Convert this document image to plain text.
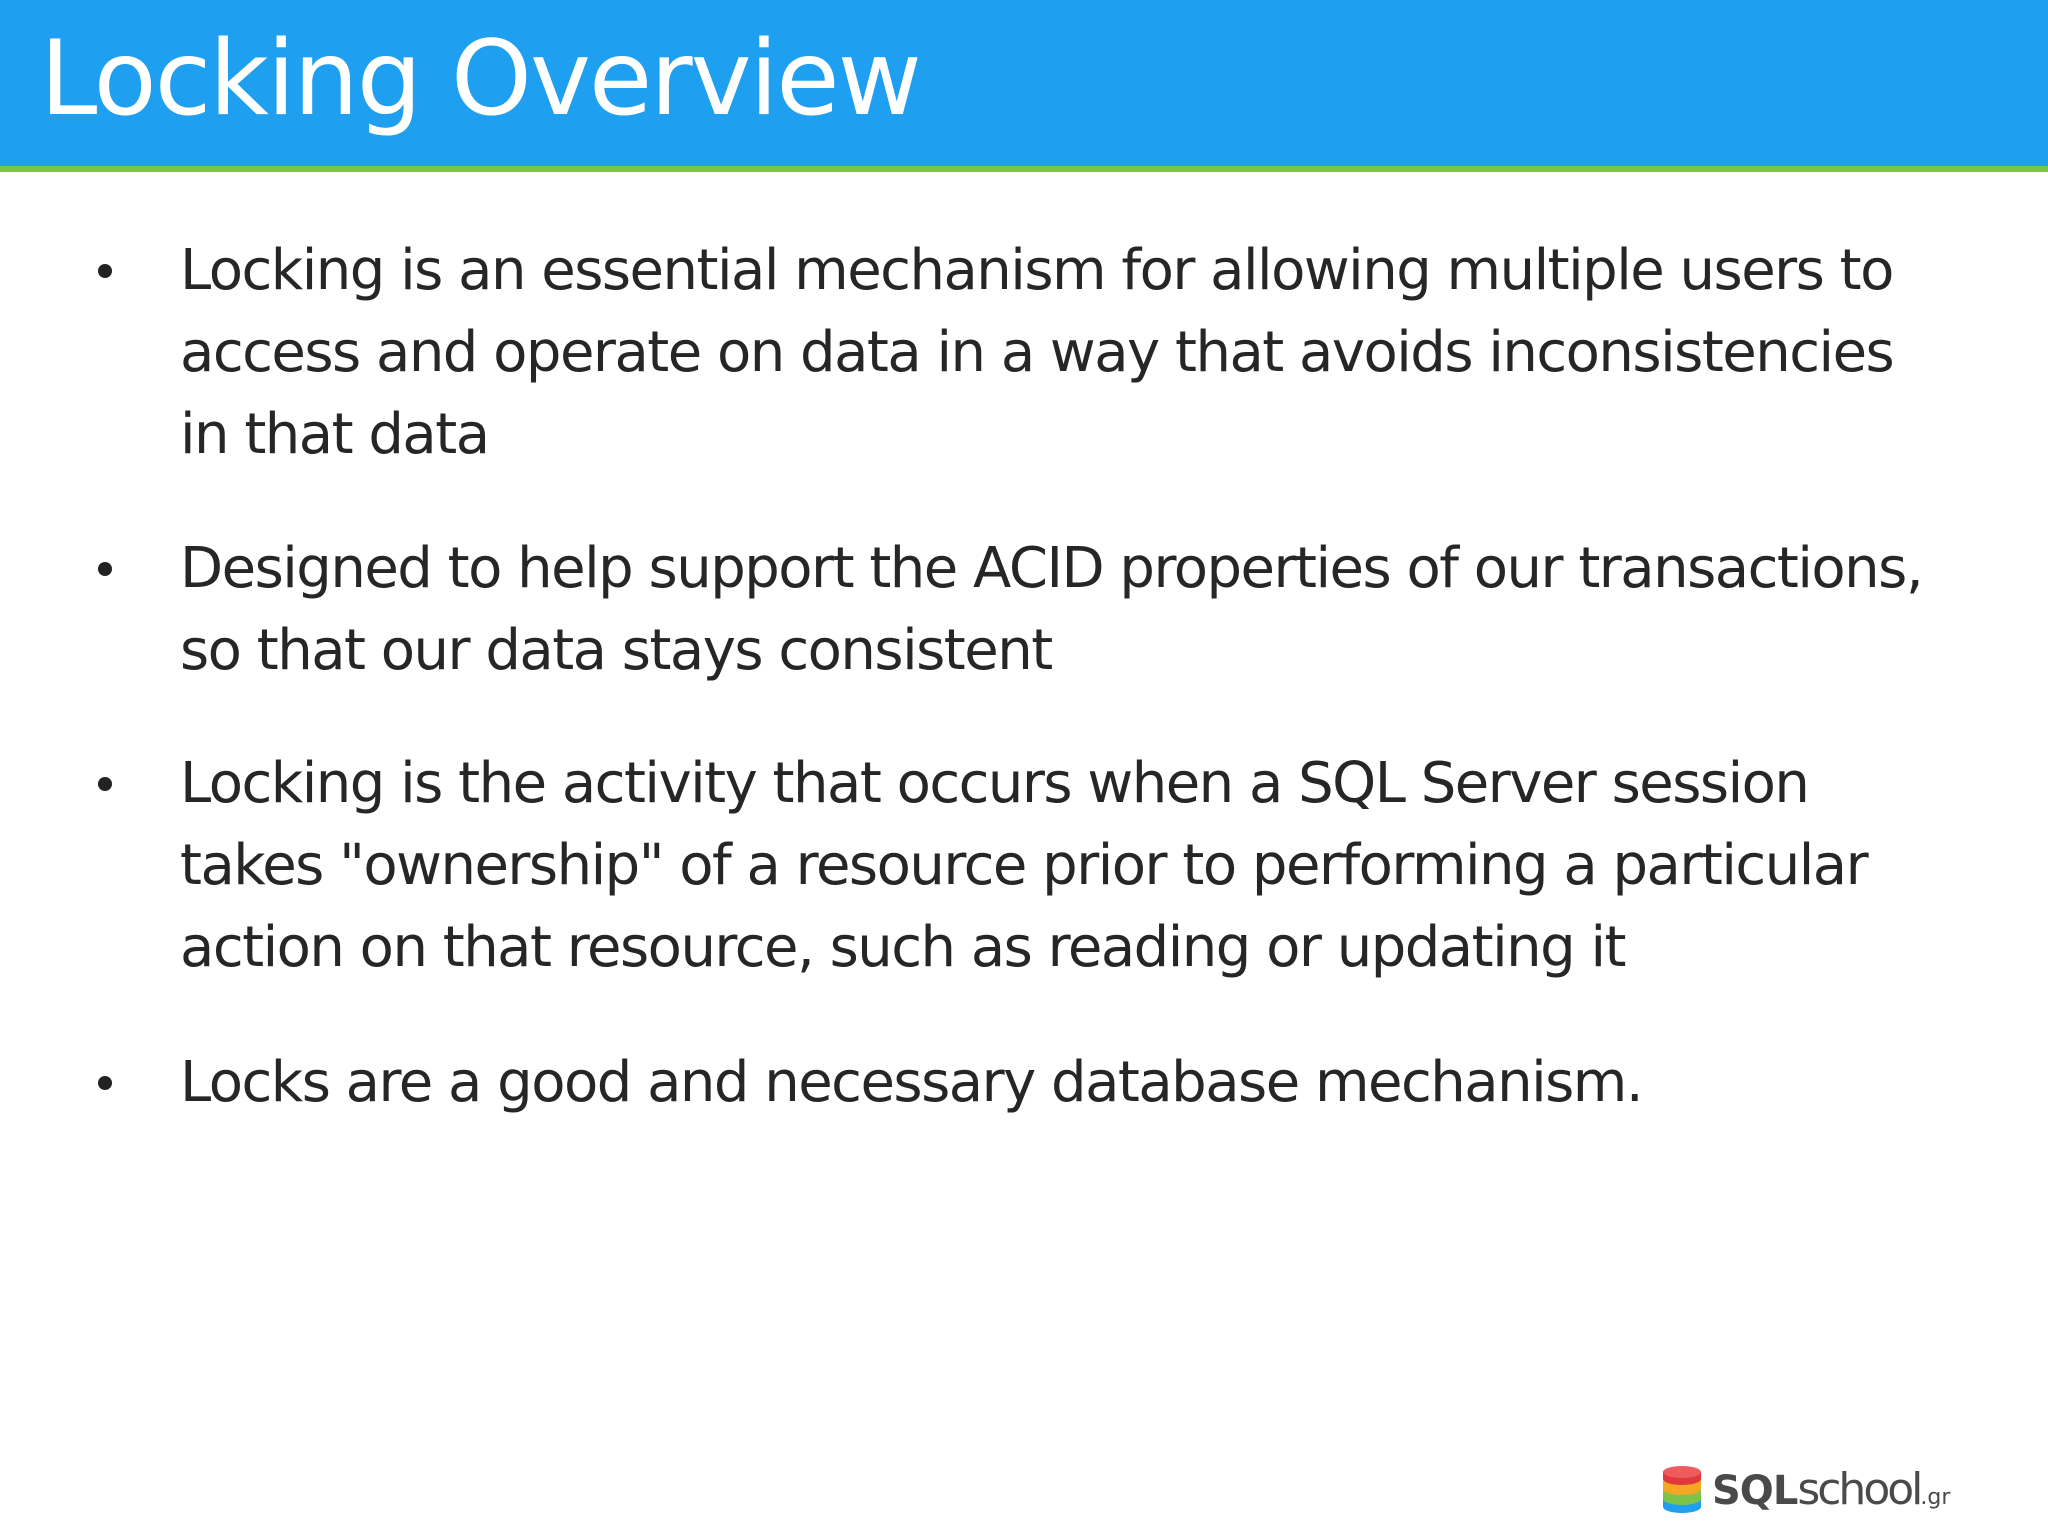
Locking Overview
Locking is an essential mechanism for allowing multiple users to access and operate on data in a way that avoids inconsistencies in that data
Designed to help support the ACID properties of our transactions, so that our data stays consistent
Locking is the activity that occurs when a SQL Server session takes "ownership" of a resource prior to performing a particular action on that resource, such as reading or updating it
Locks are a good and necessary database mechanism.
SQLschool.gr
